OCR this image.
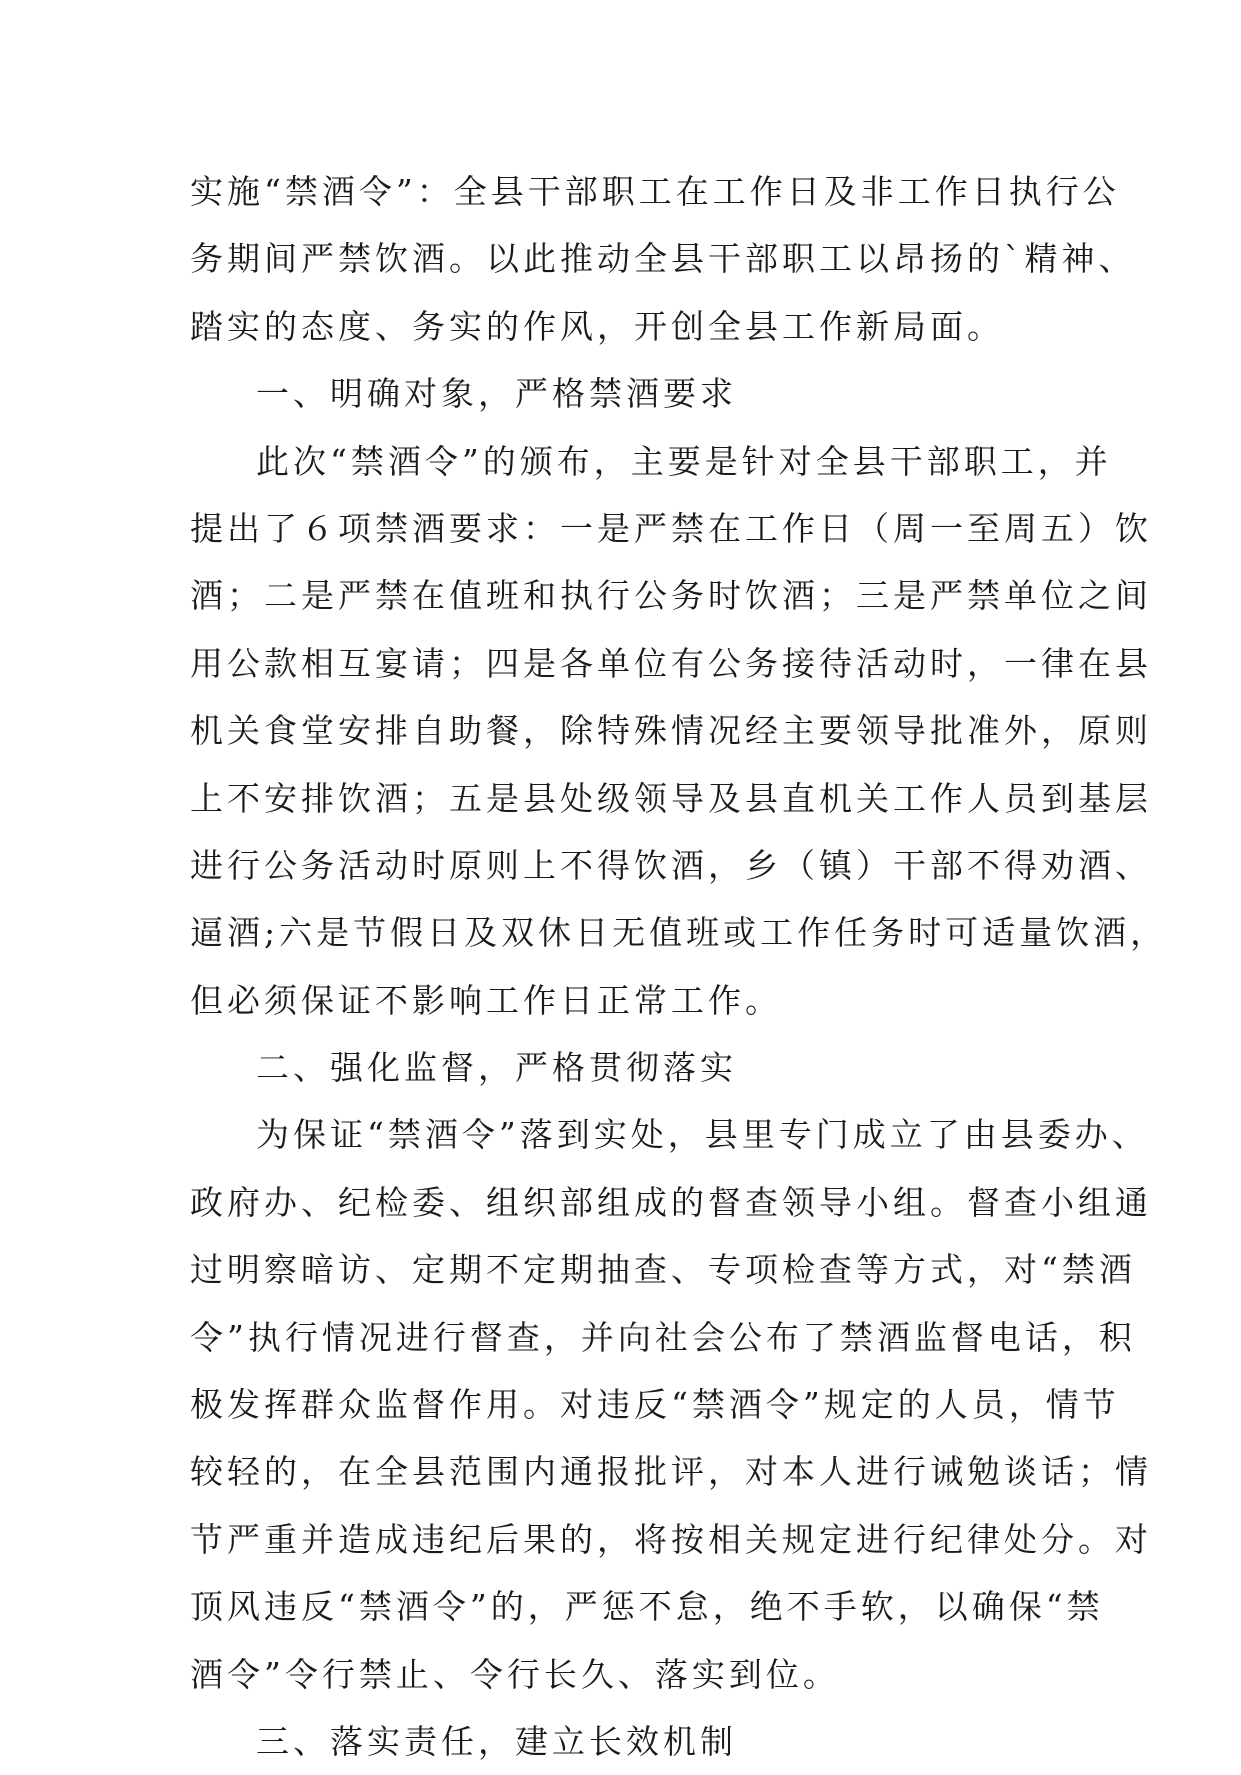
实施“禁酒令”：全县干部职工在工作日及非工作日执行公
务期间严禁饮酒。以此推动全县干部职工以昂扬的`精神、
踏实的态度、务实的作风，开创全县工作新局面。
一、明确对象，严格禁酒要求
此次“禁酒令”的颁布，主要是针对全县干部职工，并
提出了６项禁酒要求：一是严禁在工作日（周一至周五）饮
酒；二是严禁在值班和执行公务时饮酒；三是严禁单位之间
用公款相互宴请；四是各单位有公务接待活动时，一律在县
机关食堂安排自助餐，除特殊情况经主要领导批准外，原则
上不安排饮酒；五是县处级领导及县直机关工作人员到基层
进行公务活动时原则上不得饮酒，乡（镇）干部不得劝酒、
逼酒;六是节假日及双休日无值班或工作任务时可适量饮酒，
但必须保证不影响工作日正常工作。
二、强化监督，严格贯彻落实
为保证“禁酒令”落到实处，县里专门成立了由县委办、
政府办、纪检委、组织部组成的督查领导小组。督查小组通
过明察暗访、定期不定期抽查、专项检查等方式，对“禁酒
令”执行情况进行督查，并向社会公布了禁酒监督电话，积
极发挥群众监督作用。对违反“禁酒令”规定的人员，情节
较轻的，在全县范围内通报批评，对本人进行诫勉谈话；情
节严重并造成违纪后果的，将按相关规定进行纪律处分。对
顶风违反“禁酒令”的，严惩不怠，绝不手软，以确保“禁
酒令”令行禁止、令行长久、落实到位。
三、落实责任，建立长效机制
